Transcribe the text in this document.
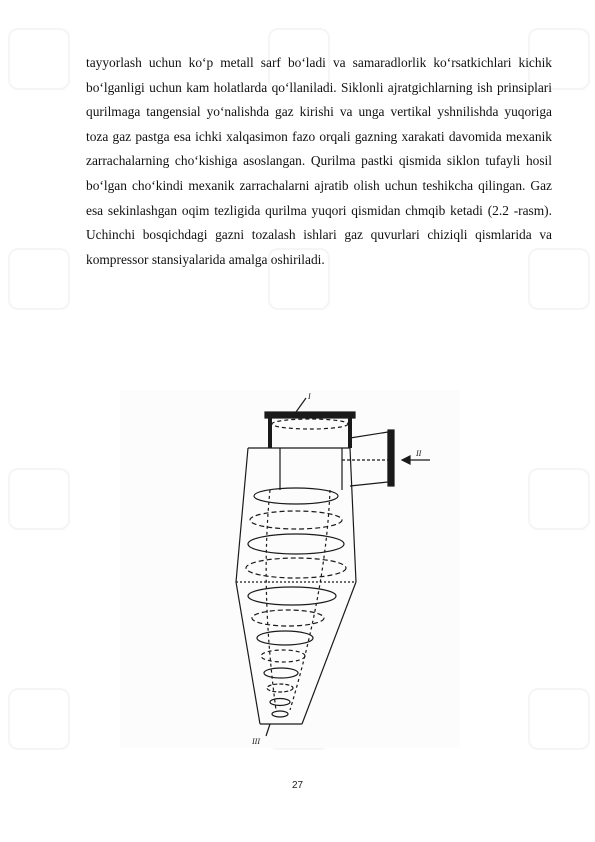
tayyorlash uchun ko‘p metall sarf bo‘ladi va samaradlorlik ko‘rsatkichlari kichik bo‘lganligi uchun kam holatlarda qo‘llaniladi. Siklonli ajratgichlarning ish prinsiplari qurilmaga tangensial yo‘nalishda gaz kirishi va unga vertikal yshnilishda yuqoriga toza gaz pastga esa ichki xalqasimon fazo orqali gazning xarakati davomida mexanik zarrachalarning cho‘kishiga asoslangan. Qurilma pastki qismida siklon tufayli hosil bo‘lgan cho‘kindi mexanik zarrachalarni ajratib olish uchun teshikcha qilingan. Gaz esa sekinlashgan oqim tezligida qurilma yuqori qismidan chmqib ketadi (2.2 -rasm). Uchinchi bosqichdagi gazni tozalash ishlari gaz quvurlari chiziqli qismlarida va kompressor stansiyalarida amalga oshiriladi.

I
II
III
27
